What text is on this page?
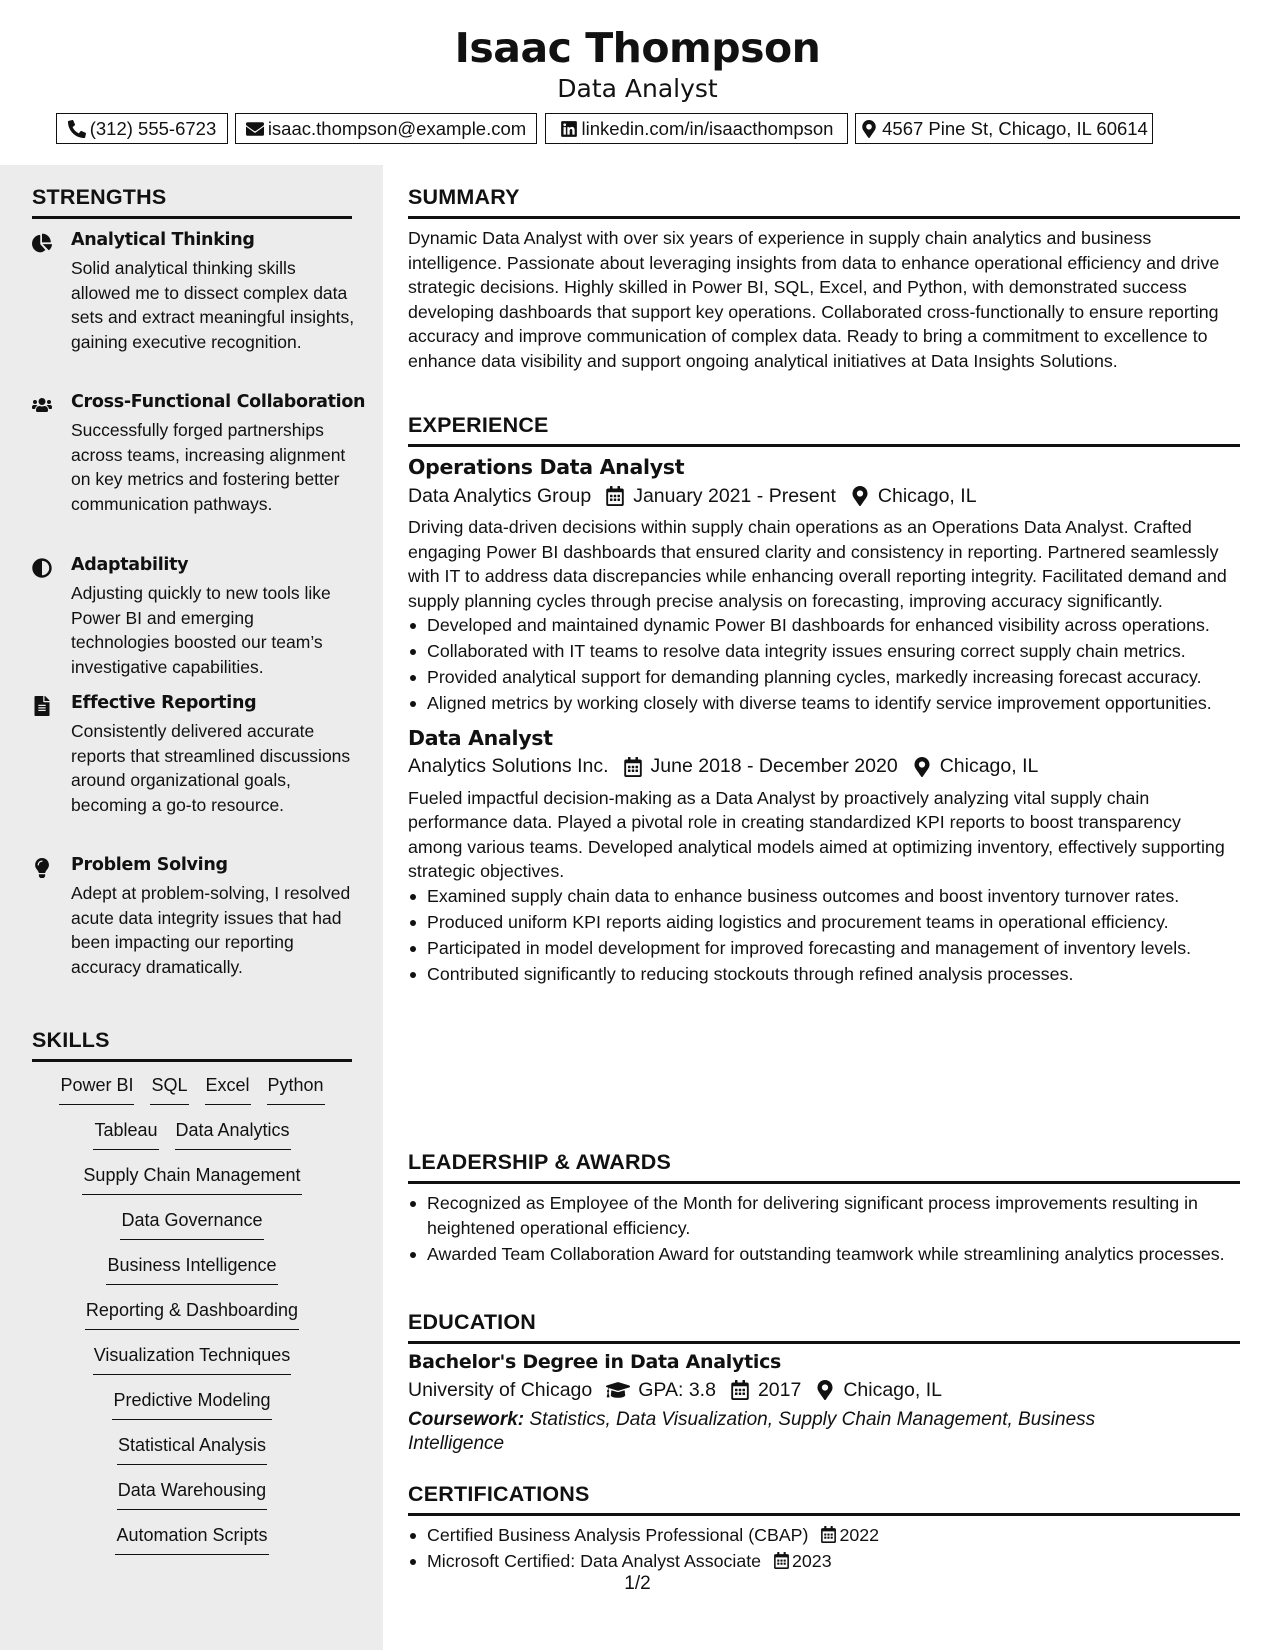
Isaac Thompson
Data Analyst
(312) 555-6723	isaac.thompson@example.com	linkedin.com/in/isaacthompson	4567 Pine St, Chicago, IL 60614
STRENGTHS
Analytical Thinking
Solid analytical thinking skills allowed me to dissect complex data sets and extract meaningful insights, gaining executive recognition.
Cross-Functional Collaboration
Successfully forged partnerships across teams, increasing alignment on key metrics and fostering better communication pathways.
Adaptability
Adjusting quickly to new tools like Power BI and emerging technologies boosted our team’s investigative capabilities.
Effective Reporting
Consistently delivered accurate reports that streamlined discussions around organizational goals, becoming a go-to resource.
Problem Solving
Adept at problem-solving, I resolved acute data integrity issues that had been impacting our reporting accuracy dramatically.
SKILLS
Power BI SQL Excel Python
Tableau Data Analytics
Supply Chain Management
Data Governance
Business Intelligence
Reporting & Dashboarding
Visualization Techniques
Predictive Modeling
Statistical Analysis
Data Warehousing
Automation Scripts
SUMMARY
Dynamic Data Analyst with over six years of experience in supply chain analytics and business intelligence. Passionate about leveraging insights from data to enhance operational efficiency and drive strategic decisions. Highly skilled in Power BI, SQL, Excel, and Python, with demonstrated success developing dashboards that support key operations. Collaborated cross-functionally to ensure reporting accuracy and improve communication of complex data. Ready to bring a commitment to excellence to enhance data visibility and support ongoing analytical initiatives at Data Insights Solutions.
EXPERIENCE
Operations Data Analyst
Data Analytics Group January 2021 - Present Chicago, IL
Driving data-driven decisions within supply chain operations as an Operations Data Analyst. Crafted engaging Power BI dashboards that ensured clarity and consistency in reporting. Partnered seamlessly with IT to address data discrepancies while enhancing overall reporting integrity. Facilitated demand and supply planning cycles through precise analysis on forecasting, improving accuracy significantly.
Developed and maintained dynamic Power BI dashboards for enhanced visibility across operations.
Collaborated with IT teams to resolve data integrity issues ensuring correct supply chain metrics.
Provided analytical support for demanding planning cycles, markedly increasing forecast accuracy.
Aligned metrics by working closely with diverse teams to identify service improvement opportunities.
Data Analyst
Analytics Solutions Inc. June 2018 - December 2020 Chicago, IL
Fueled impactful decision-making as a Data Analyst by proactively analyzing vital supply chain performance data. Played a pivotal role in creating standardized KPI reports to boost transparency among various teams. Developed analytical models aimed at optimizing inventory, effectively supporting strategic objectives.
Examined supply chain data to enhance business outcomes and boost inventory turnover rates.
Produced uniform KPI reports aiding logistics and procurement teams in operational efficiency.
Participated in model development for improved forecasting and management of inventory levels.
Contributed significantly to reducing stockouts through refined analysis processes.
LEADERSHIP & AWARDS
Recognized as Employee of the Month for delivering significant process improvements resulting in heightened operational efficiency.
Awarded Team Collaboration Award for outstanding teamwork while streamlining analytics processes.
EDUCATION
Bachelor's Degree in Data Analytics
University of Chicago GPA: 3.8 2017 Chicago, IL
Coursework: Statistics, Data Visualization, Supply Chain Management, Business Intelligence
CERTIFICATIONS
Certified Business Analysis Professional (CBAP) 2022
Microsoft Certified: Data Analyst Associate 2023
1/2
